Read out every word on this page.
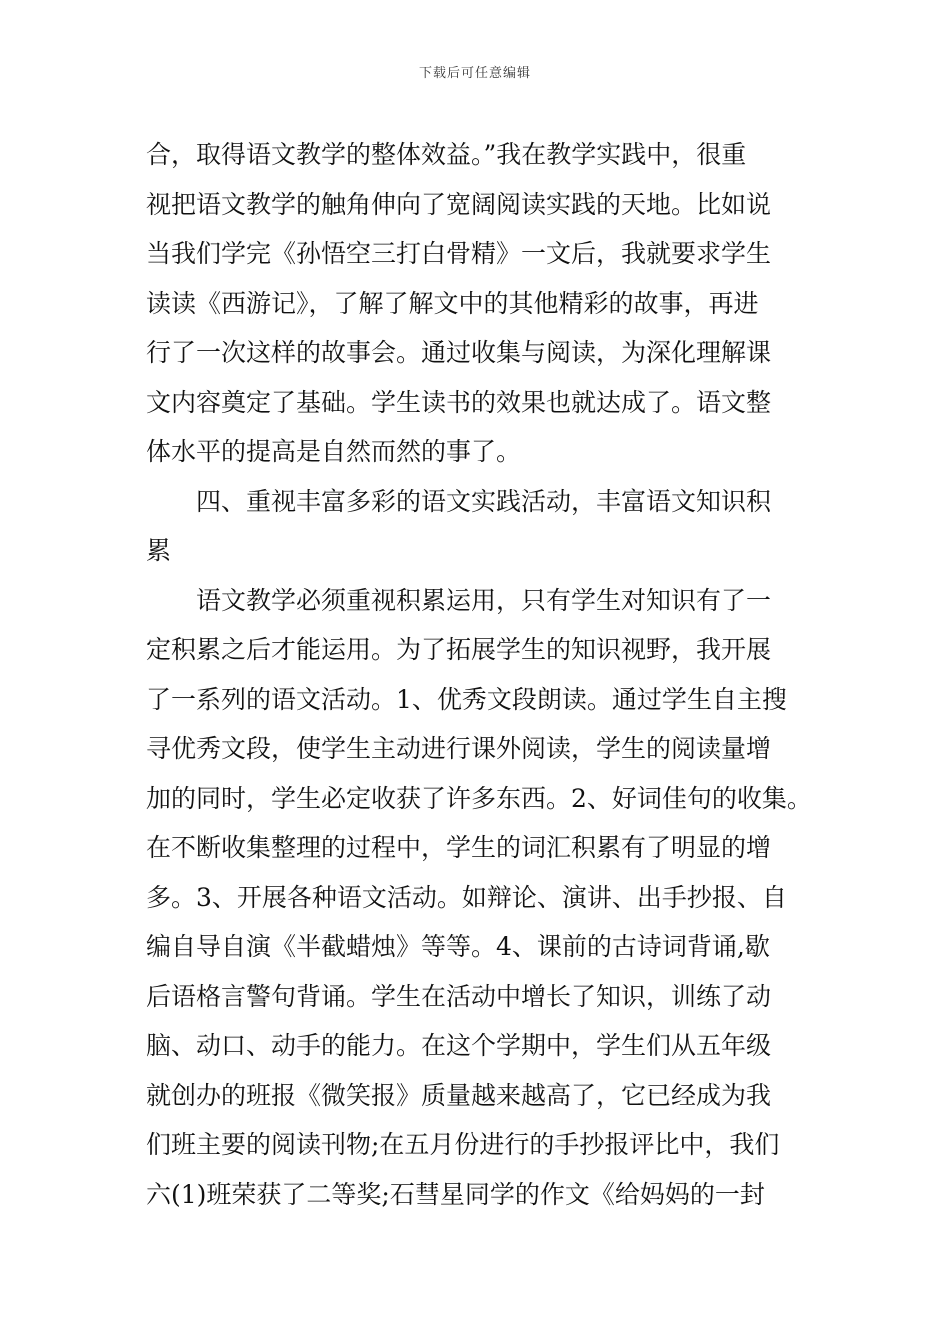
下载后可任意编辑
合，取得语文教学的整体效益。”我在教学实践中，很重
视把语文教学的触角伸向了宽阔阅读实践的天地。比如说
当我们学完《孙悟空三打白骨精》一文后，我就要求学生
读读《西游记》，了解了解文中的其他精彩的故事，再进
行了一次这样的故事会。通过收集与阅读，为深化理解课
文内容奠定了基础。学生读书的效果也就达成了。语文整
体水平的提高是自然而然的事了。
四、重视丰富多彩的语文实践活动，丰富语文知识积
累
语文教学必须重视积累运用，只有学生对知识有了一
定积累之后才能运用。为了拓展学生的知识视野，我开展
了一系列的语文活动。1、优秀文段朗读。通过学生自主搜
寻优秀文段，使学生主动进行课外阅读，学生的阅读量增
加的同时，学生必定收获了许多东西。2、好词佳句的收集。
在不断收集整理的过程中，学生的词汇积累有了明显的增
多。3、开展各种语文活动。如辩论、演讲、出手抄报、自
编自导自演《半截蜡烛》等等。4、课前的古诗词背诵,歇
后语格言警句背诵。学生在活动中增长了知识，训练了动
脑、动口、动手的能力。在这个学期中，学生们从五年级
就创办的班报《微笑报》质量越来越高了，它已经成为我
们班主要的阅读刊物;在五月份进行的手抄报评比中，我们
六(1)班荣获了二等奖;石彗星同学的作文《给妈妈的一封
